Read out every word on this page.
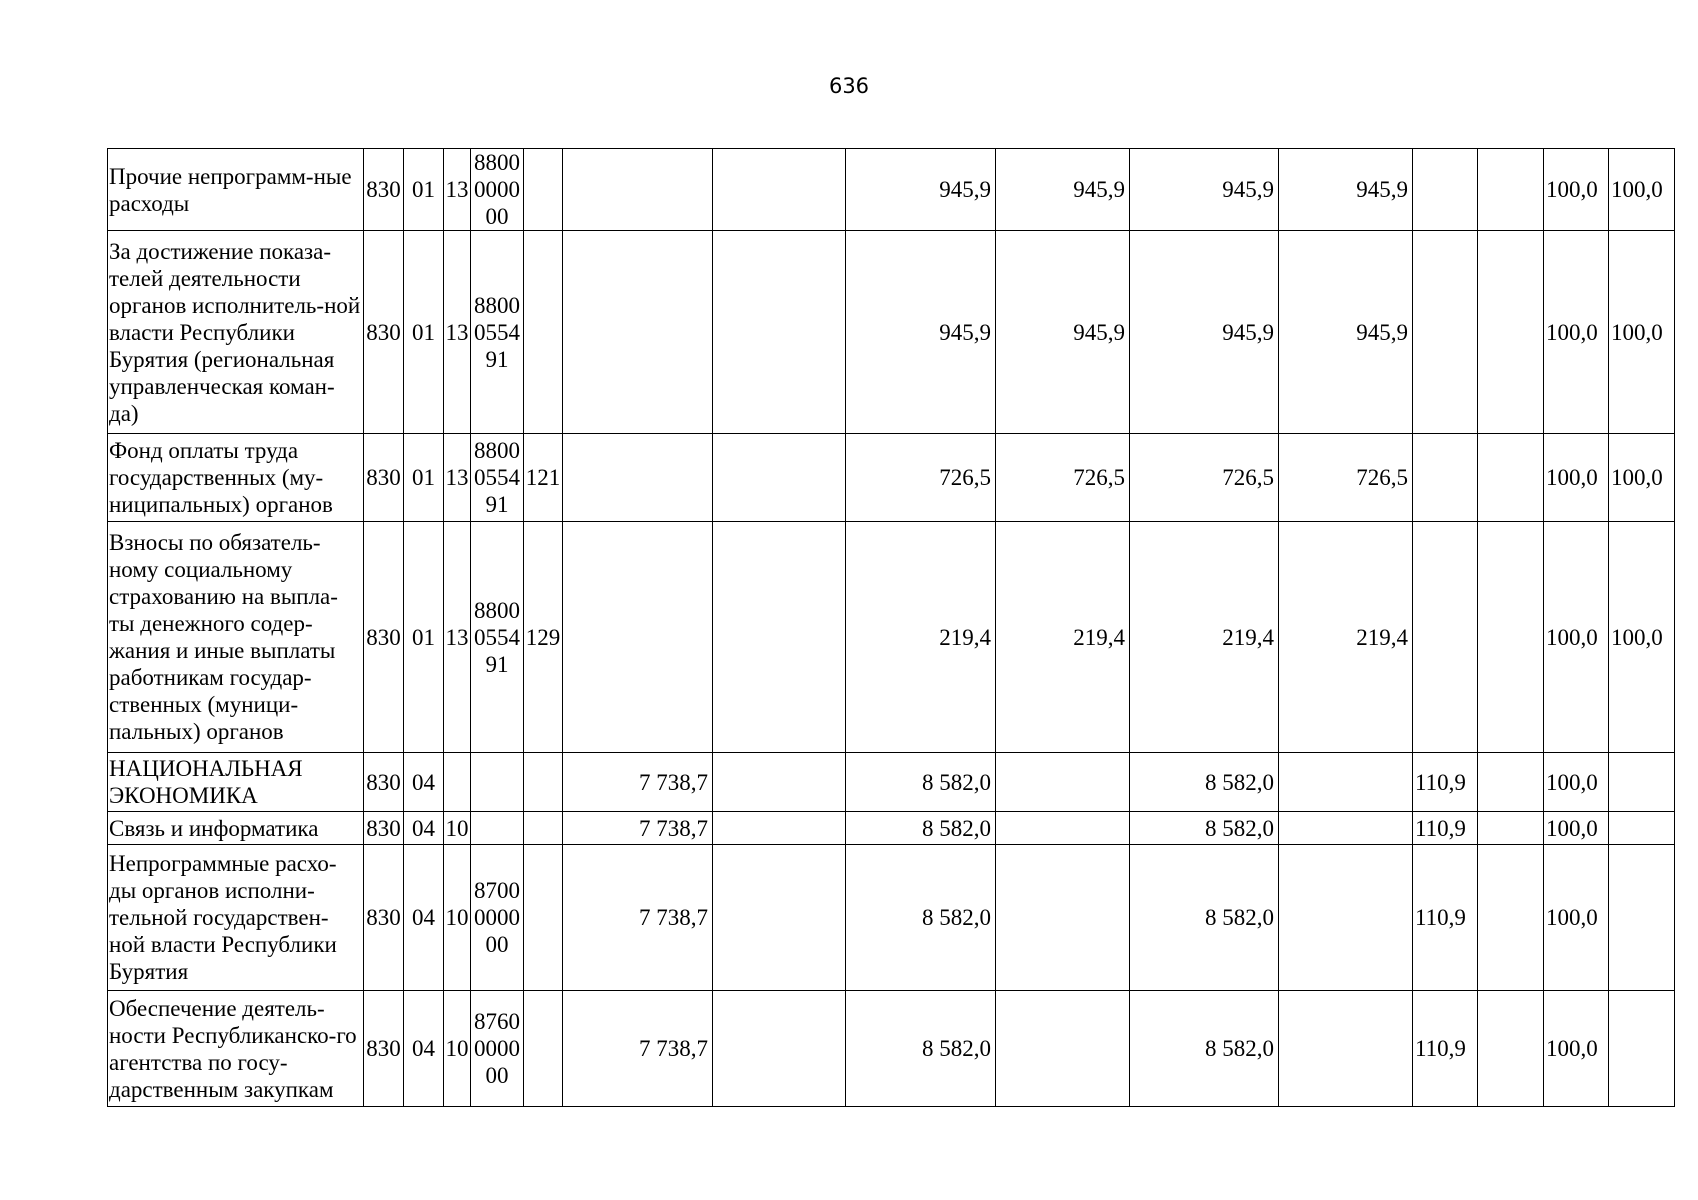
636
Прочие непрограмм-ные расходы	830	01	13	8800 0000 00				945,9	945,9	945,9	945,9			100,0	100,0
За достижение показа-телей деятельности органов исполнитель-ной власти Республики Бурятия (региональная управленческая коман-да)	830	01	13	8800 0554 91				945,9	945,9	945,9	945,9			100,0	100,0
Фонд оплаты труда государственных (му-ниципальных) органов	830	01	13	8800 0554 91	121			726,5	726,5	726,5	726,5			100,0	100,0
Взносы по обязатель-ному социальному страхованию на выпла-ты денежного содер-жания и иные выплаты работникам государ-ственных (муници-пальных) органов	830	01	13	8800 0554 91	129			219,4	219,4	219,4	219,4			100,0	100,0
НАЦИОНАЛЬНАЯ ЭКОНОМИКА	830	04				7 738,7		8 582,0		8 582,0		110,9		100,0	
Связь и информатика	830	04	10			7 738,7		8 582,0		8 582,0		110,9		100,0	
Непрограммные расхо-ды органов исполни-тельной государствен-ной власти Республики Бурятия	830	04	10	8700 0000 00		7 738,7		8 582,0		8 582,0		110,9		100,0	
Обеспечение деятель-ности Республиканско-го агентства по госу-дарственным закупкам	830	04	10	8760 0000 00		7 738,7		8 582,0		8 582,0		110,9		100,0	
